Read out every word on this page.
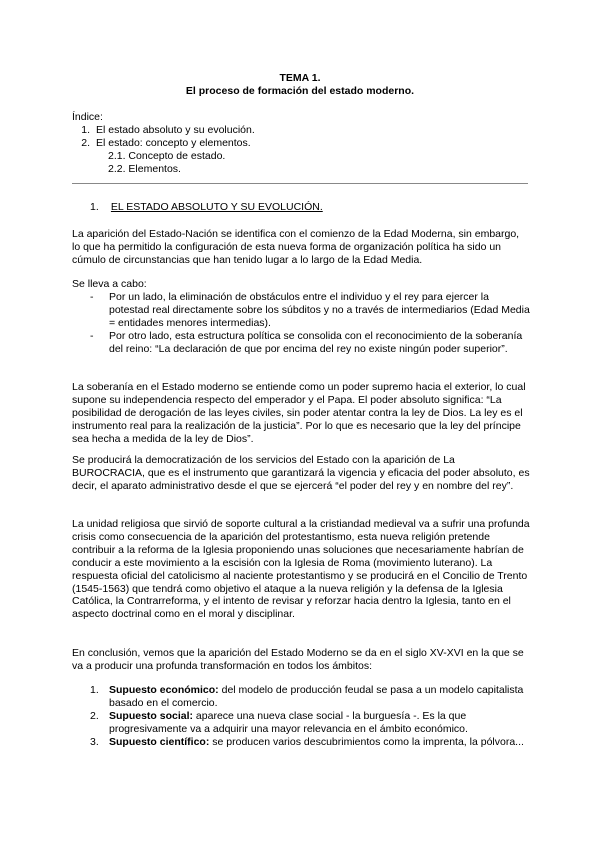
TEMA 1.

El proceso de formación del estado moderno.

Índice:

1. El estado absoluto y su evolución.
2. El estado: concepto y elementos.

2.1. Concepto de estado.

2.2. Elementos.

1. EL ESTADO ABSOLUTO Y SU EVOLUCIÓN.

La aparición del Estado-Nación se identifica con el comienzo de la Edad Moderna, sin embargo, lo que ha permitido la configuración de esta nueva forma de organización política ha sido un cúmulo de circunstancias que han tenido lugar a lo largo de la Edad Media.

Se lleva a cabo:

-	Por un lado, la eliminación de obstáculos entre el individuo y el rey para ejercer la potestad real directamente sobre los súbditos y no a través de intermediarios (Edad Media = entidades menores intermedias).
-	Por otro lado, esta estructura política se consolida con el reconocimiento de la soberanía del reino: “La declaración de que por encima del rey no existe ningún poder superior”.

La soberanía en el Estado moderno se entiende como un poder supremo hacia el exterior, lo cual supone su independencia respecto del emperador y el Papa. El poder absoluto significa: “La posibilidad de derogación de las leyes civiles, sin poder atentar contra la ley de Dios. La ley es el instrumento real para la realización de la justicia”. Por lo que es necesario que la ley del príncipe sea hecha a medida de la ley de Dios”.

Se producirá la democratización de los servicios del Estado con la aparición de La BUROCRACIA, que es el instrumento que garantizará la vigencia y eficacia del poder absoluto, es decir, el aparato administrativo desde el que se ejercerá “el poder del rey y en nombre del rey”.

La unidad religiosa que sirvió de soporte cultural a la cristiandad medieval va a sufrir una profunda crisis como consecuencia de la aparición del protestantismo, esta nueva religión pretende contribuir a la reforma de la Iglesia proponiendo unas soluciones que necesariamente habrían de conducir a este movimiento a la escisión con la Iglesia de Roma (movimiento luterano). La respuesta oficial del catolicismo al naciente protestantismo y se producirá en el Concilio de Trento (1545-1563) que tendrá como objetivo el ataque a la nueva religión y la defensa de la Iglesia Católica, la Contrarreforma, y el intento de revisar y reforzar hacia dentro la Iglesia, tanto en el aspecto doctrinal como en el moral y disciplinar.

En conclusión, vemos que la aparición del Estado Moderno se da en el siglo XV-XVI en la que se va a producir una profunda transformación en todos los ámbitos:

1. Supuesto económico: del modelo de producción feudal se pasa a un modelo capitalista basado en el comercio.
2. Supuesto social: aparece una nueva clase social - la burguesía -. Es la que progresivamente va a adquirir una mayor relevancia en el ámbito económico.
3. Supuesto científico: se producen varios descubrimientos como la imprenta, la pólvora...
